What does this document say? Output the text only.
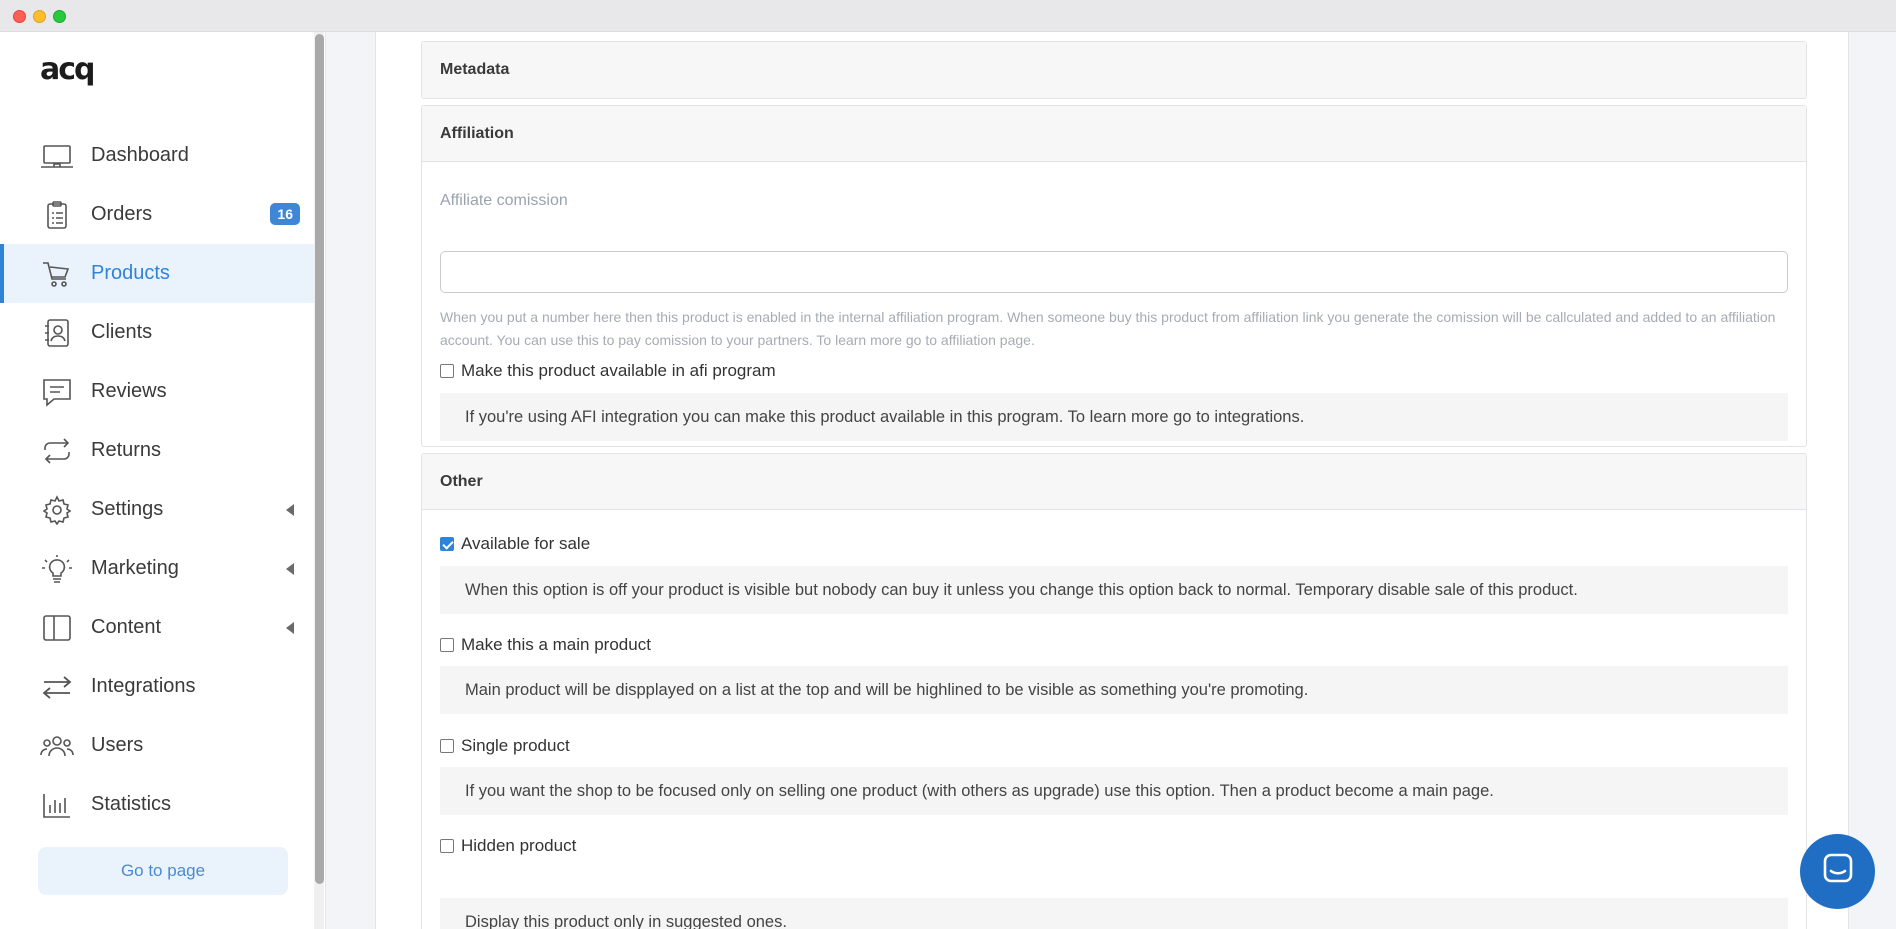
acq
Dashboard
Orders	16
Products
Clients
Reviews
Returns
Settings
Marketing
Content
Integrations
Users
Statistics
Go to page
Metadata
Affiliation
Affiliate comission
When you put a number here then this product is enabled in the internal affiliation program. When someone buy this product from affiliation link you generate the comission will be callculated and added to an affiliation account. You can use this to pay comission to your partners. To learn more go to affiliation page.
Make this product available in afi program
If you're using AFI integration you can make this product available in this program. To learn more go to integrations.
Other
Available for sale
When this option is off your product is visible but nobody can buy it unless you change this option back to normal. Temporary disable sale of this product.
Make this a main product
Main product will be dispplayed on a list at the top and will be highlined to be visible as something you're promoting.
Single product
If you want the shop to be focused only on selling one product (with others as upgrade) use this option. Then a product become a main page.
Hidden product
Display this product only in suggested ones.
